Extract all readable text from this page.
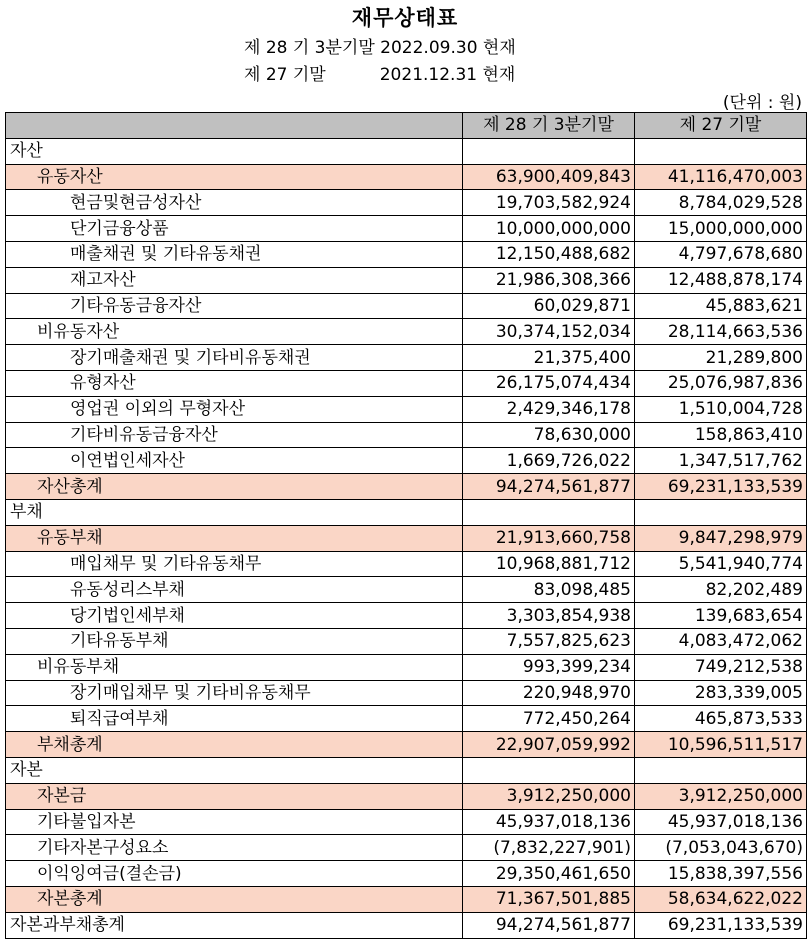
재무상태표
제 28 기 3분기말 2022.09.30 현재
제 27 기말          2021.12.31 현재
(단위 : 원)
	제 28 기 3분기말	제 27 기말
자산		
유동자산	63,900,409,843	41,116,470,003
현금및현금성자산	19,703,582,924	8,784,029,528
단기금융상품	10,000,000,000	15,000,000,000
매출채권 및 기타유동채권	12,150,488,682	4,797,678,680
재고자산	21,986,308,366	12,488,878,174
기타유동금융자산	60,029,871	45,883,621
비유동자산	30,374,152,034	28,114,663,536
장기매출채권 및 기타비유동채권	21,375,400	21,289,800
유형자산	26,175,074,434	25,076,987,836
영업권 이외의 무형자산	2,429,346,178	1,510,004,728
기타비유동금융자산	78,630,000	158,863,410
이연법인세자산	1,669,726,022	1,347,517,762
자산총계	94,274,561,877	69,231,133,539
부채		
유동부채	21,913,660,758	9,847,298,979
매입채무 및 기타유동채무	10,968,881,712	5,541,940,774
유동성리스부채	83,098,485	82,202,489
당기법인세부채	3,303,854,938	139,683,654
기타유동부채	7,557,825,623	4,083,472,062
비유동부채	993,399,234	749,212,538
장기매입채무 및 기타비유동채무	220,948,970	283,339,005
퇴직급여부채	772,450,264	465,873,533
부채총계	22,907,059,992	10,596,511,517
자본		
자본금	3,912,250,000	3,912,250,000
기타불입자본	45,937,018,136	45,937,018,136
기타자본구성요소	(7,832,227,901)	(7,053,043,670)
이익잉여금(결손금)	29,350,461,650	15,838,397,556
자본총계	71,367,501,885	58,634,622,022
자본과부채총계	94,274,561,877	69,231,133,539
